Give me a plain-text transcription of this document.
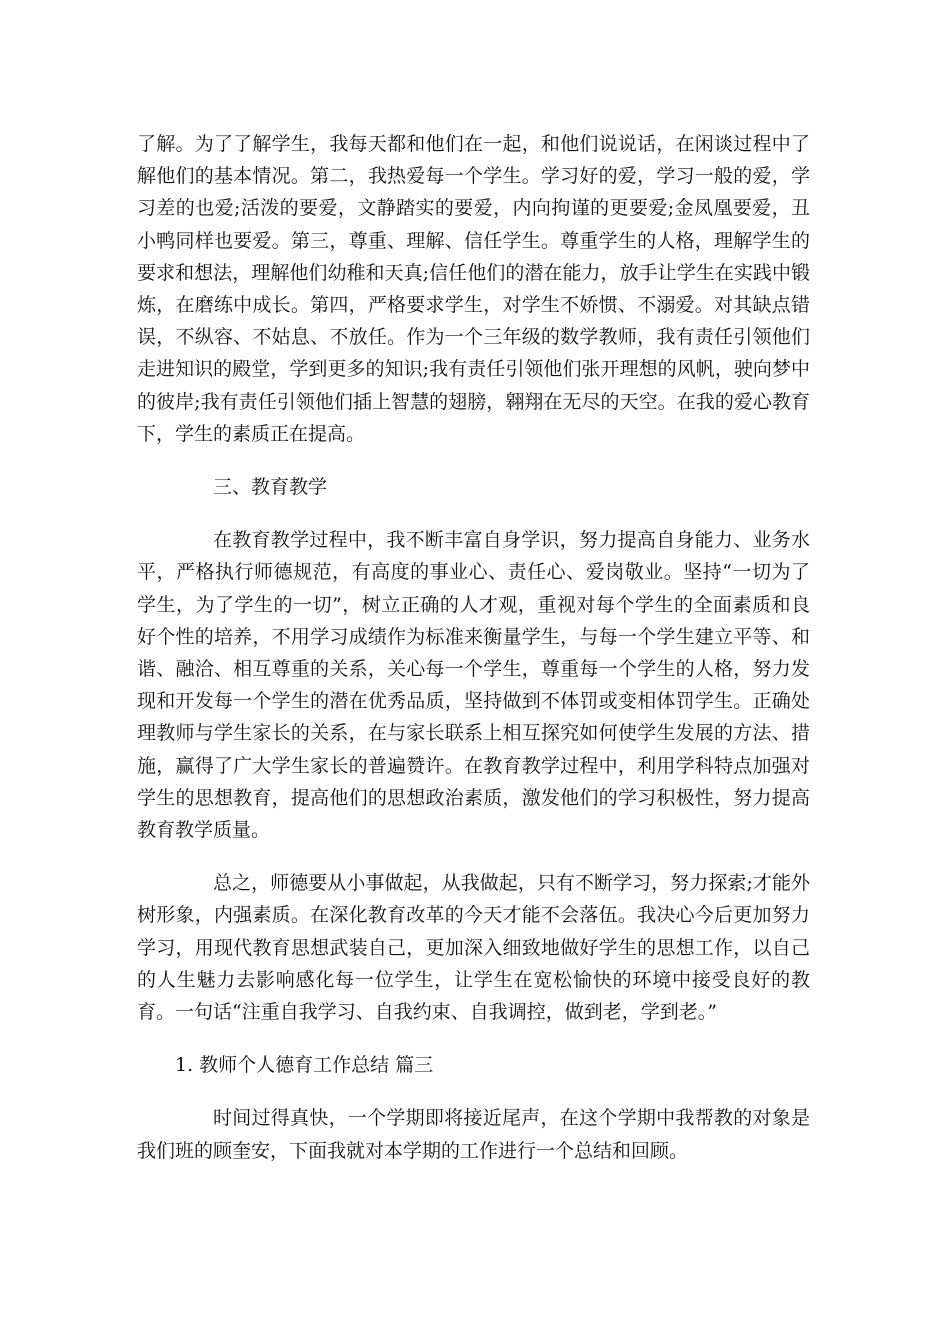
了解。为了了解学生，我每天都和他们在一起，和他们说说话，在闲谈过程中了解他们的基本情况。第二，我热爱每一个学生。学习好的爱，学习一般的爱，学习差的也爱;活泼的要爱，文静踏实的要爱，内向拘谨的更要爱;金凤凰要爱，丑小鸭同样也要爱。第三，尊重、理解、信任学生。尊重学生的人格，理解学生的要求和想法，理解他们幼稚和天真;信任他们的潜在能力，放手让学生在实践中锻炼，在磨练中成长。第四，严格要求学生，对学生不娇惯、不溺爱。对其缺点错误，不纵容、不姑息、不放任。作为一个三年级的数学教师，我有责任引领他们走进知识的殿堂，学到更多的知识;我有责任引领他们张开理想的风帆，驶向梦中的彼岸;我有责任引领他们插上智慧的翅膀，翱翔在无尽的天空。在我的爱心教育下，学生的素质正在提高。

三、教育教学

在教育教学过程中，我不断丰富自身学识，努力提高自身能力、业务水平，严格执行师德规范，有高度的事业心、责任心、爱岗敬业。坚持“一切为了学生，为了学生的一切”，树立正确的人才观，重视对每个学生的全面素质和良好个性的培养，不用学习成绩作为标准来衡量学生，与每一个学生建立平等、和谐、融洽、相互尊重的关系，关心每一个学生，尊重每一个学生的人格，努力发现和开发每一个学生的潜在优秀品质，坚持做到不体罚或变相体罚学生。正确处理教师与学生家长的关系，在与家长联系上相互探究如何使学生发展的方法、措施，赢得了广大学生家长的普遍赞许。在教育教学过程中，利用学科特点加强对学生的思想教育，提高他们的思想政治素质，激发他们的学习积极性，努力提高教育教学质量。

总之，师德要从小事做起，从我做起，只有不断学习，努力探索;才能外树形象，内强素质。在深化教育改革的今天才能不会落伍。我决心今后更加努力学习，用现代教育思想武装自己，更加深入细致地做好学生的思想工作，以自己的人生魅力去影响感化每一位学生，让学生在宽松愉快的环境中接受良好的教育。一句话“注重自我学习、自我约束、自我调控，做到老，学到老。”

1. 教师个人德育工作总结 篇三

时间过得真快，一个学期即将接近尾声，在这个学期中我帮教的对象是我们班的顾奎安，下面我就对本学期的工作进行一个总结和回顾。
